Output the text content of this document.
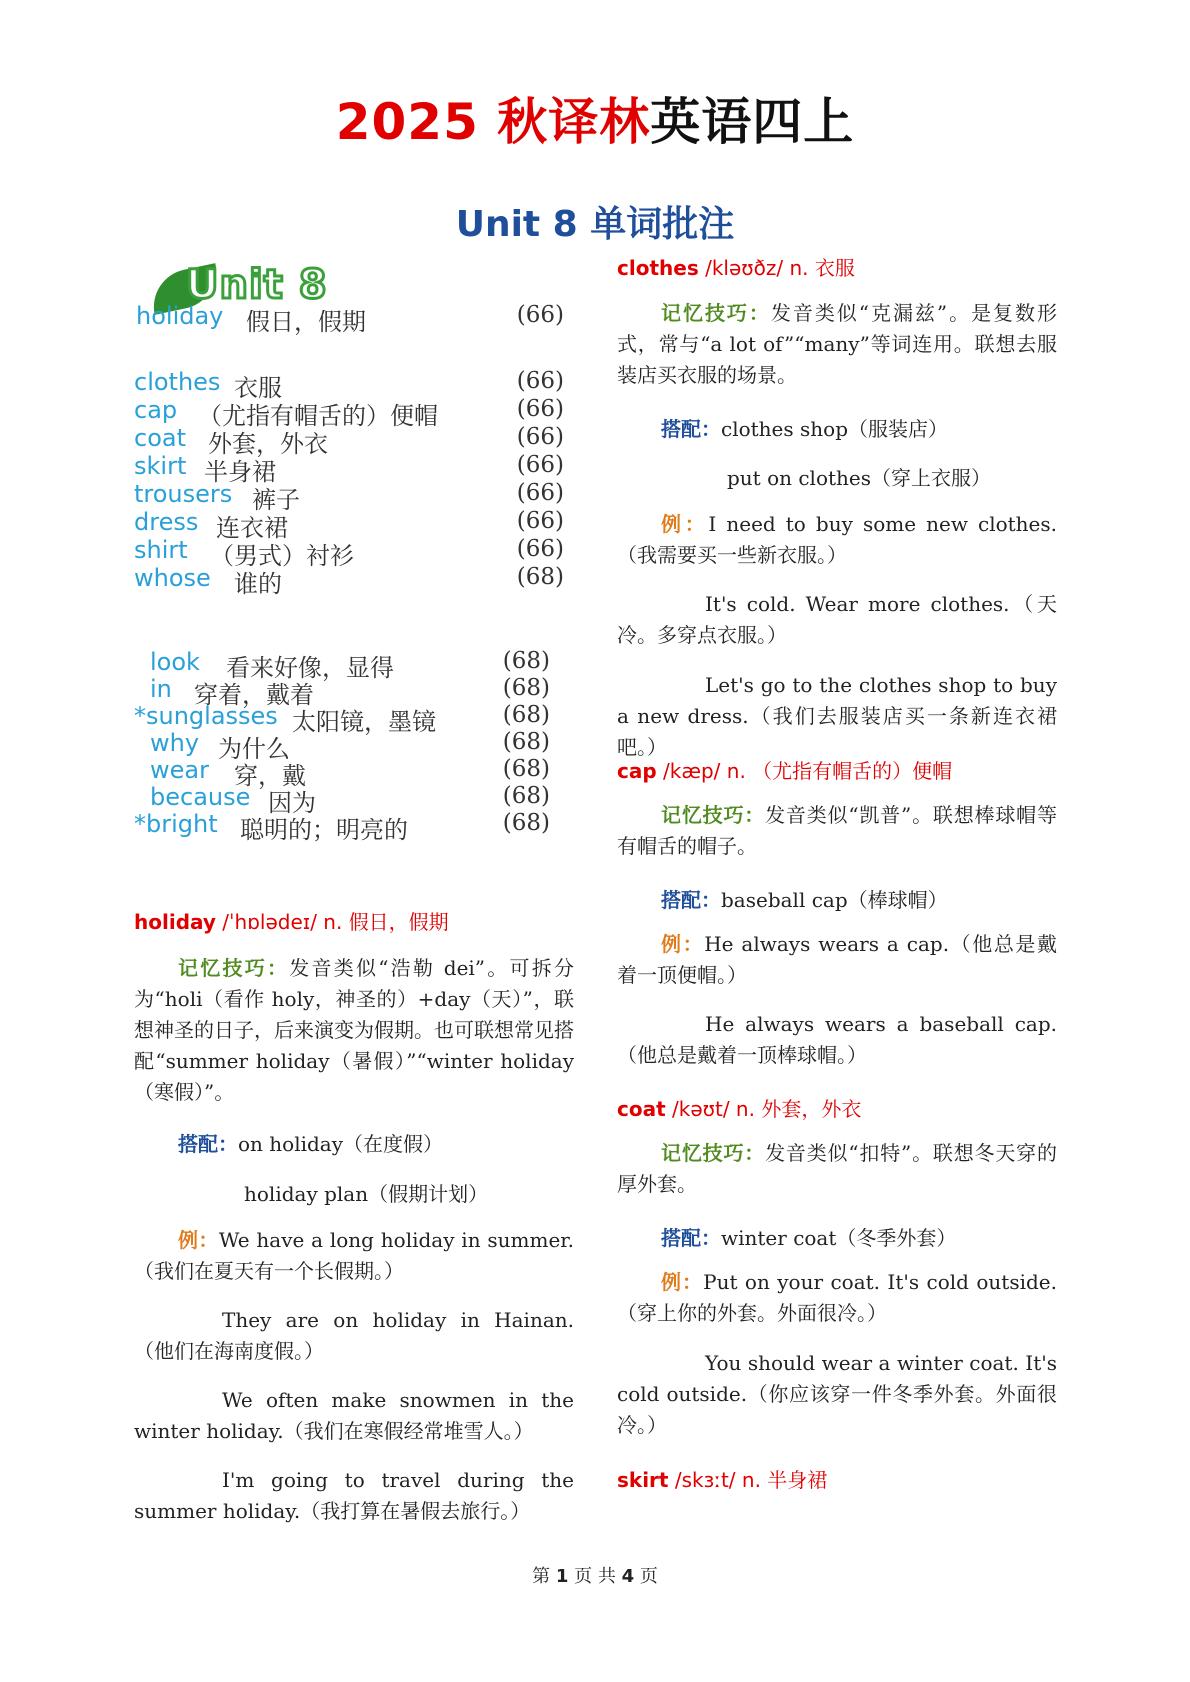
2025 秋译林英语四上
Unit 8 单词批注
Unit 8
holiday 假日，假期	(66)
clothes 衣服	(66)
cap （尤指有帽舌的）便帽	(66)
coat 外套，外衣	(66)
skirt 半身裙	(66)
trousers 裤子	(66)
dress 连衣裙	(66)
shirt （男式）衬衫	(66)
whose 谁的	(68)
look 看来好像，显得	(68)
in 穿着，戴着	(68)
*sunglasses 太阳镜，墨镜	(68)
why 为什么	(68)
wear 穿，戴	(68)
because 因为	(68)
*bright 聪明的；明亮的	(68)
holiday /ˈhɒlədeɪ/ n. 假日，假期
记忆技巧：发音类似“浩勒 dei”。可拆分为“holi（看作 holy，神圣的）+day（天）”，联想神圣的日子，后来演变为假期。也可联想常见搭配“summer holiday（暑假）”“winter holiday（寒假）”。
搭配：on holiday（在度假）
holiday plan（假期计划）
例：We have a long holiday in summer.（我们在夏天有一个长假期。）
They are on holiday in Hainan.（他们在海南度假。）
We often make snowmen in the winter holiday.（我们在寒假经常堆雪人。）
I'm going to travel during the summer holiday.（我打算在暑假去旅行。）
clothes /kləʊðz/ n. 衣服
记忆技巧：发音类似“克漏兹”。是复数形式，常与“a lot of”“many”等词连用。联想去服装店买衣服的场景。
搭配：clothes shop（服装店）
put on clothes（穿上衣服）
例：I need to buy some new clothes.（我需要买一些新衣服。）
It's cold. Wear more clothes.（天冷。多穿点衣服。）
Let's go to the clothes shop to buy a new dress.（我们去服装店买一条新连衣裙吧。）
cap /kæp/ n. （尤指有帽舌的）便帽
记忆技巧：发音类似“凯普”。联想棒球帽等有帽舌的帽子。
搭配：baseball cap（棒球帽）
例：He always wears a cap.（他总是戴着一顶便帽。）
He always wears a baseball cap.（他总是戴着一顶棒球帽。）
coat /kəʊt/ n. 外套，外衣
记忆技巧：发音类似“扣特”。联想冬天穿的厚外套。
搭配：winter coat（冬季外套）
例：Put on your coat. It's cold outside.（穿上你的外套。外面很冷。）
You should wear a winter coat. It's cold outside.（你应该穿一件冬季外套。外面很冷。）
skirt /skɜːt/ n. 半身裙
第 1 页 共 4 页
